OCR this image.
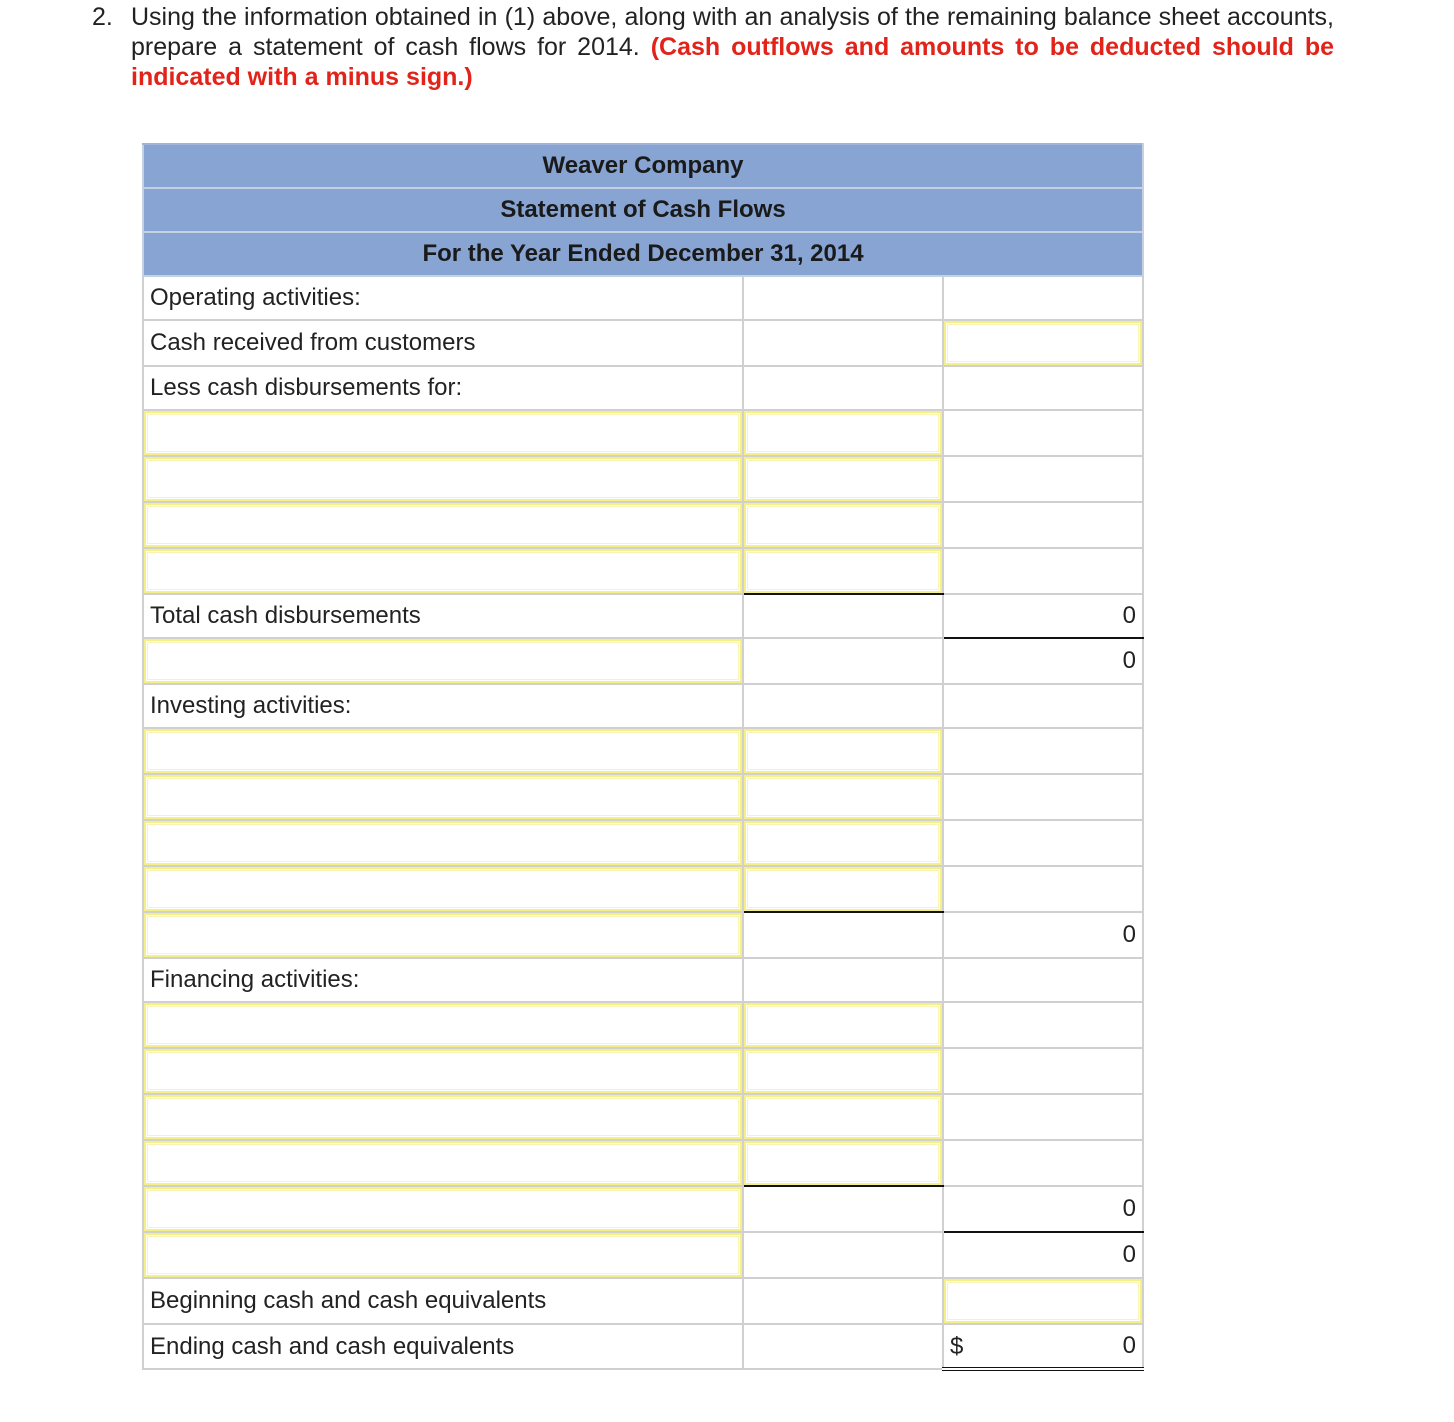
2. Using the information obtained in (1) above, along with an analysis of the remaining balance sheet accounts, prepare a statement of cash flows for 2014. (Cash outflows and amounts to be deducted should be indicated with a minus sign.)
Weaver Company		
Statement of Cash Flows		
For the Year Ended December 31, 2014		
Operating activities:		
Cash received from customers		

Less cash disbursements for:		

Total cash disbursements		0

		0
Investing activities:		

		0
Financing activities:		

		0

		0
Beginning cash and cash equivalents		

Ending cash and cash equivalents		$ 0
